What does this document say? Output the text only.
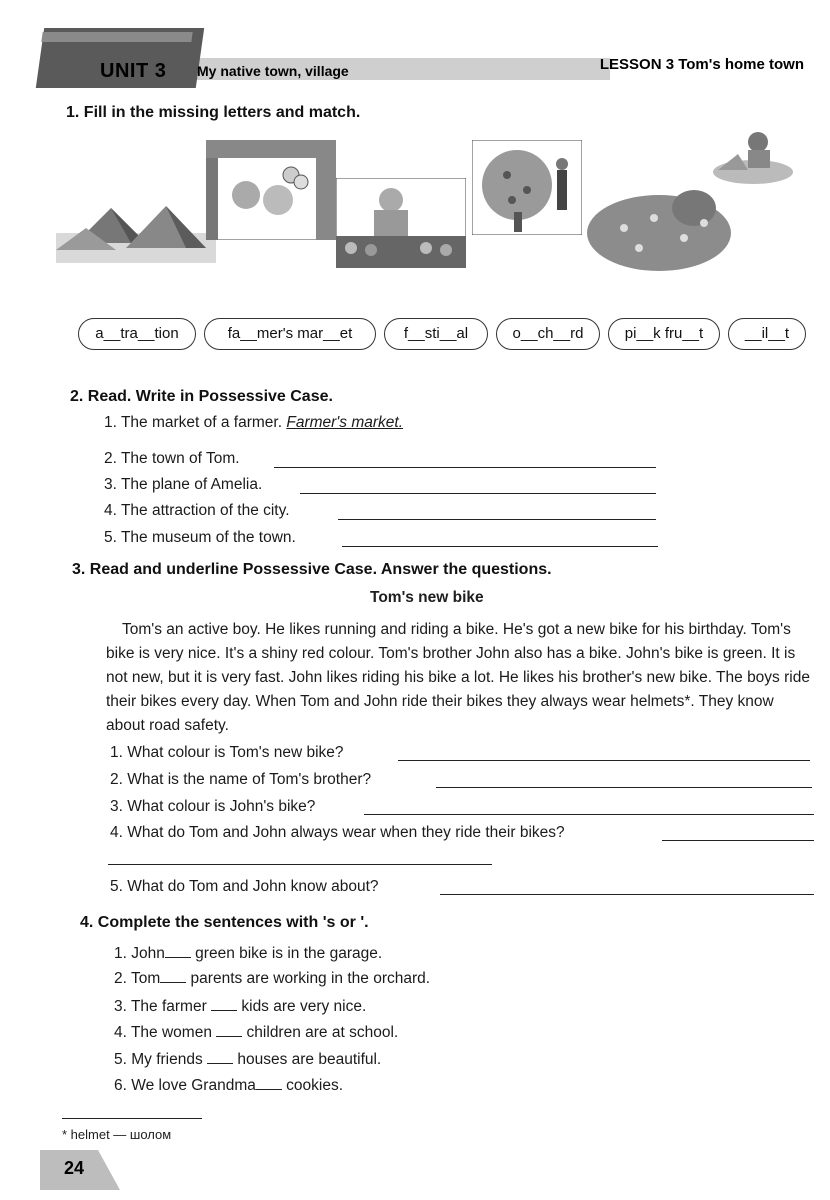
UNIT 3 My native town, village	LESSON 3 Tom's home town
1. Fill in the missing letters and match.
a__tra__tion	fa__mer's mar__et	f__sti__al	o__ch__rd	pi__k fru__t	__il__t
2. Read. Write in Possessive Case.
1. The market of a farmer. Farmer's market.
2. The town of Tom.
3. The plane of Amelia.
4. The attraction of the city.
5. The museum of the town.
3. Read and underline Possessive Case. Answer the questions.
Tom's new bike
Tom's an active boy. He likes running and riding a bike. He's got a new bike for his birthday. Tom's bike is very nice. It's a shiny red colour. Tom's brother John also has a bike. John's bike is green. It is not new, but it is very fast. John likes riding his bike a lot. He likes his brother's new bike. The boys ride their bikes every day. When Tom and John ride their bikes they always wear helmets*. They know about road safety.
1. What colour is Tom's new bike?
2. What is the name of Tom's brother?
3. What colour is John's bike?
4. What do Tom and John always wear when they ride their bikes?
5. What do Tom and John know about?
4. Complete the sentences with 's or '.
1. John green bike is in the garage.
2. Tom parents are working in the orchard.
3. The farmer  kids are very nice.
4. The women  children are at school.
5. My friends  houses are beautiful.
6. We love Grandma cookies.
* helmet — шолом
24
